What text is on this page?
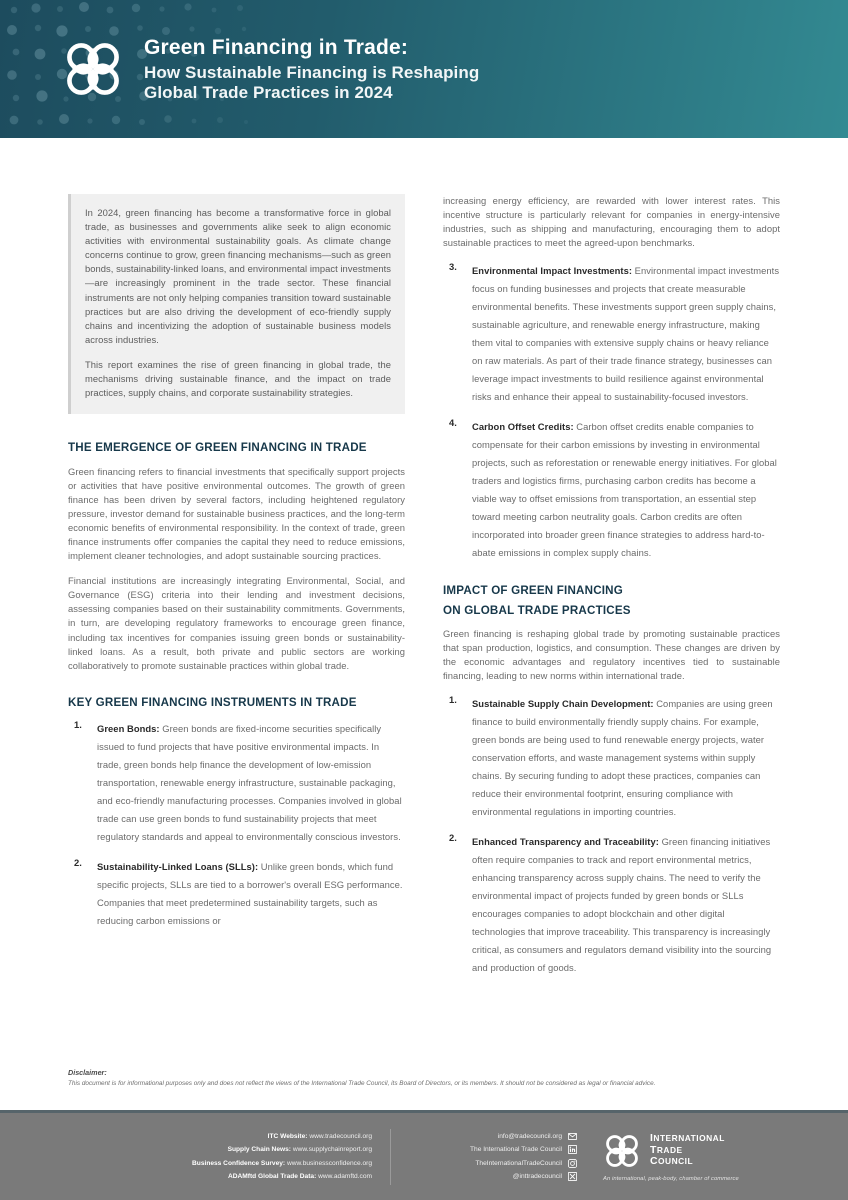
Green Financing in Trade:
How Sustainable Financing is Reshaping
Global Trade Practices in 2024

In 2024, green financing has become a transformative force in global trade, as businesses and governments alike seek to align economic activities with environmental sustainability goals. As climate change concerns continue to grow, green financing mechanisms—such as green bonds, sustainability-linked loans, and environmental impact investments—are increasingly prominent in the trade sector. These financial instruments are not only helping companies transition toward sustainable practices but are also driving the development of eco-friendly supply chains and incentivizing the adoption of sustainable business models across industries.

This report examines the rise of green financing in global trade, the mechanisms driving sustainable finance, and the impact on trade practices, supply chains, and corporate sustainability strategies.

THE EMERGENCE OF GREEN FINANCING IN TRADE

Green financing refers to financial investments that specifically support projects or activities that have positive environmental outcomes. The growth of green finance has been driven by several factors, including heightened regulatory pressure, investor demand for sustainable business practices, and the long-term economic benefits of environmental responsibility. In the context of trade, green finance instruments offer companies the capital they need to reduce emissions, implement cleaner technologies, and adopt sustainable sourcing practices.

Financial institutions are increasingly integrating Environmental, Social, and Governance (ESG) criteria into their lending and investment decisions, assessing companies based on their sustainability commitments. Governments, in turn, are developing regulatory frameworks to encourage green finance, including tax incentives for companies issuing green bonds or sustainability-linked loans. As a result, both private and public sectors are working collaboratively to promote sustainable practices within global trade.

KEY GREEN FINANCING INSTRUMENTS IN TRADE
Green Bonds: Green bonds are fixed-income securities specifically issued to fund projects that have positive environmental impacts. In trade, green bonds help finance the development of low-emission transportation, renewable energy infrastructure, sustainable packaging, and eco-friendly manufacturing processes. Companies involved in global trade can use green bonds to fund sustainability projects that meet regulatory standards and appeal to environmentally conscious investors.
Sustainability-Linked Loans (SLLs): Unlike green bonds, which fund specific projects, SLLs are tied to a borrower's overall ESG performance. Companies that meet predetermined sustainability targets, such as reducing carbon emissions or

increasing energy efficiency, are rewarded with lower interest rates. This incentive structure is particularly relevant for companies in energy-intensive industries, such as shipping and manufacturing, encouraging them to adopt sustainable practices to meet the agreed-upon benchmarks.

Environmental Impact Investments: Environmental impact investments focus on funding businesses and projects that create measurable environmental benefits. These investments support green supply chains, sustainable agriculture, and renewable energy infrastructure, making them vital to companies with extensive supply chains or heavy reliance on raw materials. As part of their trade finance strategy, businesses can leverage impact investments to build resilience against environmental risks and enhance their appeal to sustainability-focused investors.
Carbon Offset Credits: Carbon offset credits enable companies to compensate for their carbon emissions by investing in environmental projects, such as reforestation or renewable energy initiatives. For global traders and logistics firms, purchasing carbon credits has become a viable way to offset emissions from transportation, an essential step toward meeting carbon neutrality goals. Carbon credits are often incorporated into broader green finance strategies to address hard-to-abate emissions in complex supply chains.
IMPACT OF GREEN FINANCING
ON GLOBAL TRADE PRACTICES

Green financing is reshaping global trade by promoting sustainable practices that span production, logistics, and consumption. These changes are driven by the economic advantages and regulatory incentives tied to sustainable financing, leading to new norms within international trade.

Sustainable Supply Chain Development: Companies are using green finance to build environmentally friendly supply chains. For example, green bonds are being used to fund renewable energy projects, water conservation efforts, and waste management systems within supply chains. By securing funding to adopt these practices, companies can reduce their environmental footprint, ensuring compliance with environmental regulations in importing countries.
Enhanced Transparency and Traceability: Green financing initiatives often require companies to track and report environmental metrics, enhancing transparency across supply chains. The need to verify the environmental impact of projects funded by green bonds or SLLs encourages companies to adopt blockchain and other digital technologies that improve traceability. This transparency is increasingly critical, as consumers and regulators demand visibility into the sourcing and production of goods.

Disclaimer:

This document is for informational purposes only and does not reflect the views of the International Trade Council, its Board of Directors, or its members. It should not be considered as legal or financial advice.

ITC Website: www.tradecouncil.org
Supply Chain News: www.supplychainreport.org
Business Confidence Survey: www.businessconfidence.org
ADAMftd Global Trade Data: www.adamftd.com
info@tradecouncil.org
The International Trade Council
TheInternationalTradeCouncil
@inttradecouncil
INTERNATIONAL
TRADE
COUNCIL
An international, peak-body, chamber of commerce
